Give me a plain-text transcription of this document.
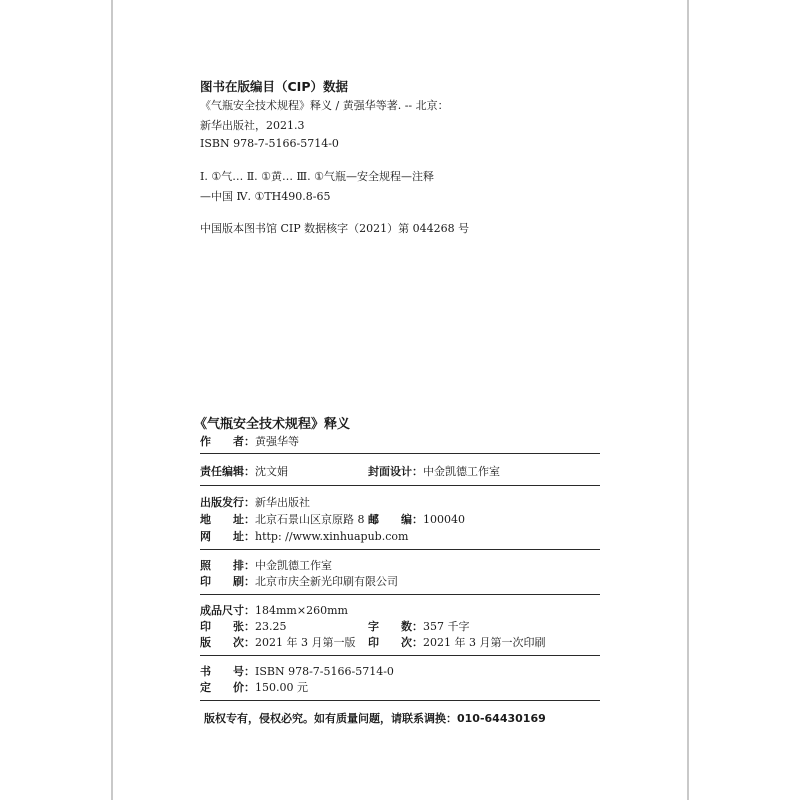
图书在版编目（CIP）数据
《气瓶安全技术规程》释义 / 黄强华等著. -- 北京：
新华出版社，2021.3
ISBN 978-7-5166-5714-0
Ⅰ. ①气… Ⅱ. ①黄… Ⅲ. ①气瓶—安全规程—注释
—中国 Ⅳ. ①TH490.8-65
中国版本图书馆 CIP 数据核字（2021）第 044268 号
《气瓶安全技术规程》释义
作　　者：黄强华等
责任编辑：沈文娟	封面设计：中金凯德工作室
出版发行：新华出版社
地　　址：北京石景山区京原路 8 号
邮　　编：100040
网　　址：http: //www.xinhuapub.com
照　　排：中金凯德工作室
印　　刷：北京市庆全新光印刷有限公司
成品尺寸：184mm×260mm
印　　张：23.25	字　　数：357 千字
版　　次：2021 年 3 月第一版 印　　次：2021 年 3 月第一次印刷
书　　号：ISBN 978-7-5166-5714-0
定　　价：150.00 元
版权专有，侵权必究。如有质量问题，请联系调换：010-64430169
